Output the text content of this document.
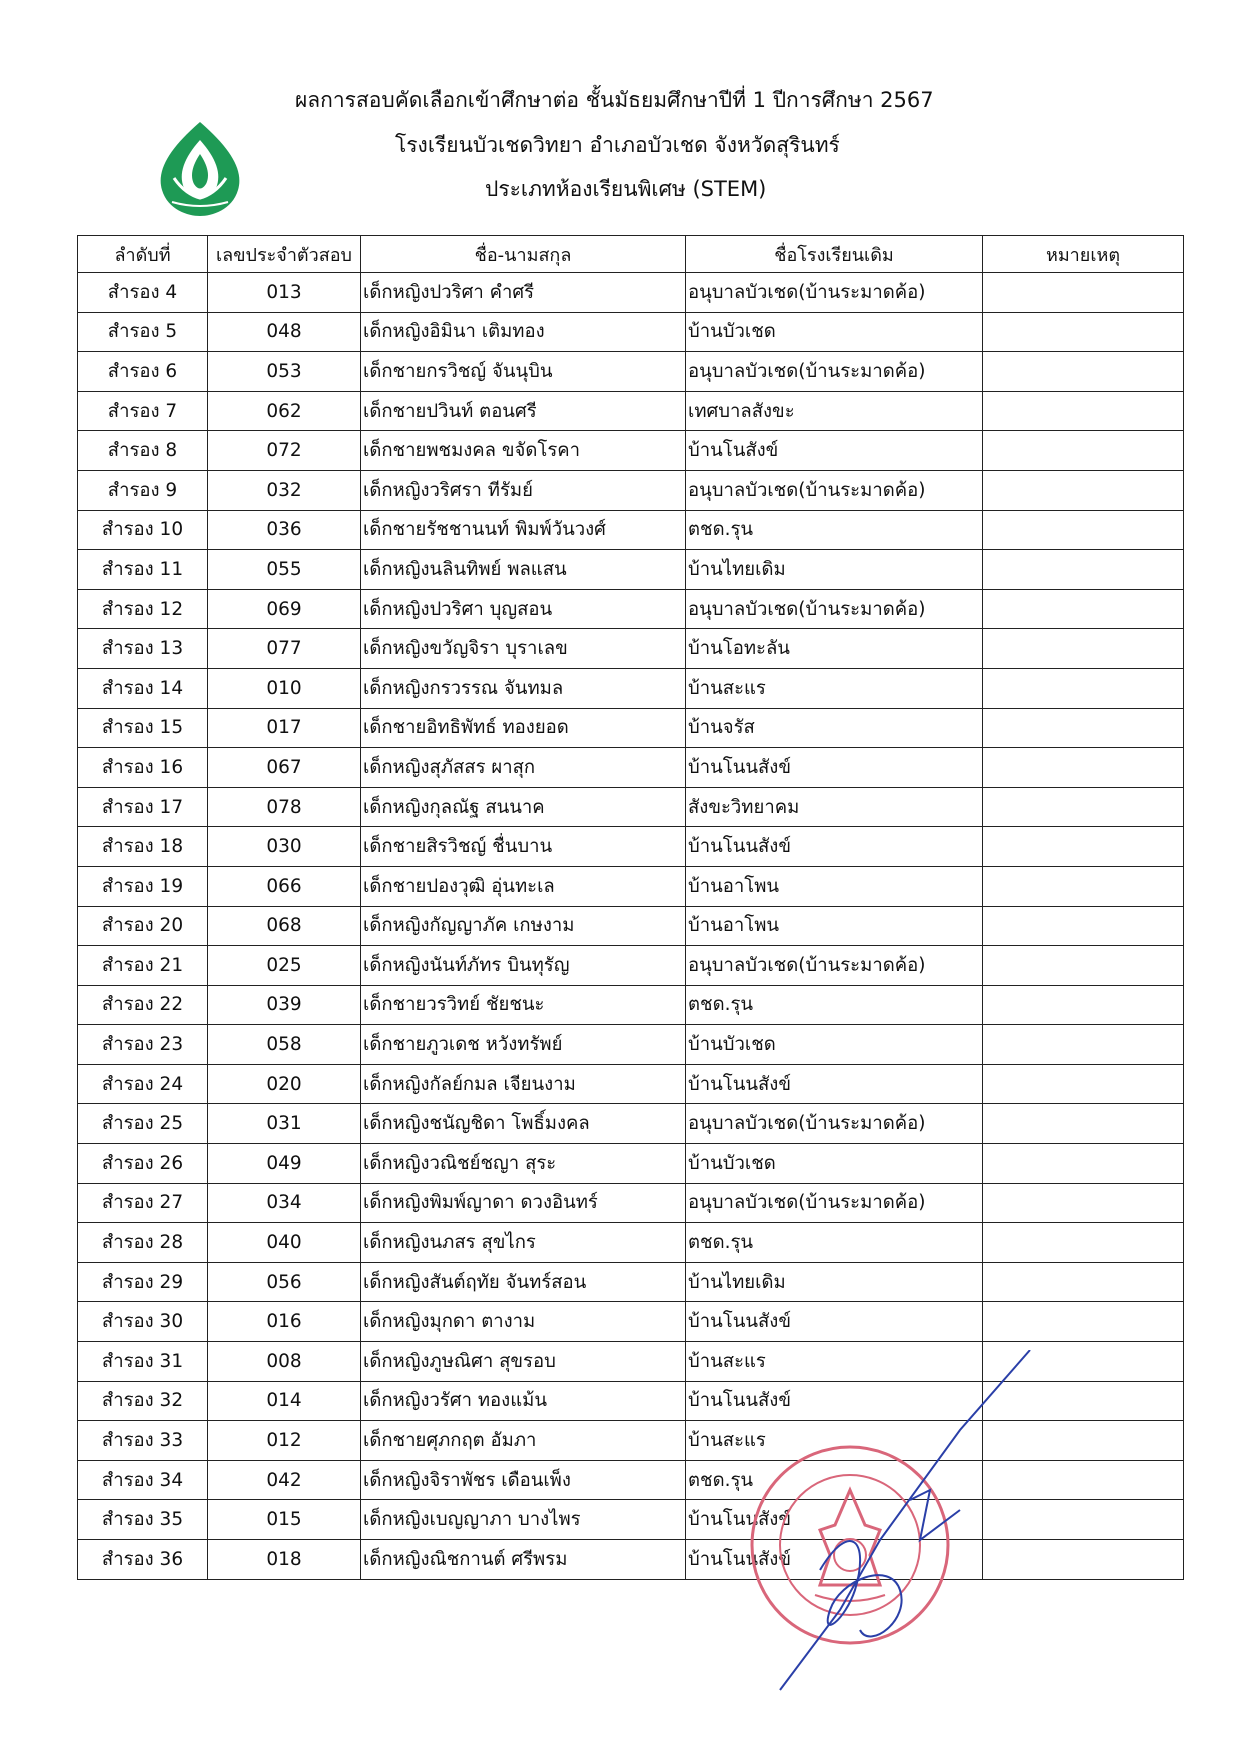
ผลการสอบคัดเลือกเข้าศึกษาต่อ ชั้นมัธยมศึกษาปีที่ 1 ปีการศึกษา 2567
โรงเรียนบัวเชดวิทยา อำเภอบัวเชด จังหวัดสุรินทร์
ประเภทห้องเรียนพิเศษ (STEM)
ลำดับที่	เลขประจำตัวสอบ	ชื่อ-นามสกุล	ชื่อโรงเรียนเดิม	หมายเหตุ
สำรอง 4	013	เด็กหญิงปวริศา คำศรี	อนุบาลบัวเชด(บ้านระมาดค้อ)	
สำรอง 5	048	เด็กหญิงอิมินา เติมทอง	บ้านบัวเชด	
สำรอง 6	053	เด็กชายกรวิชญ์ จันนุบิน	อนุบาลบัวเชด(บ้านระมาดค้อ)	
สำรอง 7	062	เด็กชายปวินท์ ตอนศรี	เทศบาลสังขะ	
สำรอง 8	072	เด็กชายพชมงคล ขจัดโรคา	บ้านโนสังข์	
สำรอง 9	032	เด็กหญิงวริศรา ทีรัมย์	อนุบาลบัวเชด(บ้านระมาดค้อ)	
สำรอง 10	036	เด็กชายรัชชานนท์ พิมพ์วันวงศ์	ตชด.รุน	
สำรอง 11	055	เด็กหญิงนลินทิพย์ พลแสน	บ้านไทยเดิม	
สำรอง 12	069	เด็กหญิงปวริศา บุญสอน	อนุบาลบัวเชด(บ้านระมาดค้อ)	
สำรอง 13	077	เด็กหญิงขวัญจิรา บุราเลข	บ้านโอทะลัน	
สำรอง 14	010	เด็กหญิงกรวรรณ จันทมล	บ้านสะแร	
สำรอง 15	017	เด็กชายอิทธิพัทธ์ ทองยอด	บ้านจรัส	
สำรอง 16	067	เด็กหญิงสุภัสสร ผาสุก	บ้านโนนสังข์	
สำรอง 17	078	เด็กหญิงกุลณัฐ สนนาค	สังขะวิทยาคม	
สำรอง 18	030	เด็กชายสิรวิชญ์ ชื่นบาน	บ้านโนนสังข์	
สำรอง 19	066	เด็กชายปองวุฒิ อุ่นทะเล	บ้านอาโพน	
สำรอง 20	068	เด็กหญิงกัญญาภัค เกษงาม	บ้านอาโพน	
สำรอง 21	025	เด็กหญิงนันท์ภัทร บินทุรัญ	อนุบาลบัวเชด(บ้านระมาดค้อ)	
สำรอง 22	039	เด็กชายวรวิทย์ ชัยชนะ	ตชด.รุน	
สำรอง 23	058	เด็กชายภูวเดช หวังทรัพย์	บ้านบัวเชด	
สำรอง 24	020	เด็กหญิงกัลย์กมล เจียนงาม	บ้านโนนสังข์	
สำรอง 25	031	เด็กหญิงชนัญชิดา โพธิ์มงคล	อนุบาลบัวเชด(บ้านระมาดค้อ)	
สำรอง 26	049	เด็กหญิงวณิชย์ชญา สุระ	บ้านบัวเชด	
สำรอง 27	034	เด็กหญิงพิมพ์ญาดา ดวงอินทร์	อนุบาลบัวเชด(บ้านระมาดค้อ)	
สำรอง 28	040	เด็กหญิงนภสร สุขไกร	ตชด.รุน	
สำรอง 29	056	เด็กหญิงสันต์ฤทัย จันทร์สอน	บ้านไทยเดิม	
สำรอง 30	016	เด็กหญิงมุกดา ตางาม	บ้านโนนสังข์	
สำรอง 31	008	เด็กหญิงภูษณิศา สุขรอบ	บ้านสะแร	
สำรอง 32	014	เด็กหญิงวรัศา ทองแม้น	บ้านโนนสังข์	
สำรอง 33	012	เด็กชายศุภกฤต อัมภา	บ้านสะแร	
สำรอง 34	042	เด็กหญิงจิราพัชร เดือนเพ็ง	ตชด.รุน	
สำรอง 35	015	เด็กหญิงเบญญาภา บางไพร	บ้านโนนสังข์	
สำรอง 36	018	เด็กหญิงณิชกานต์ ศรีพรม	บ้านโนนสังข์	
